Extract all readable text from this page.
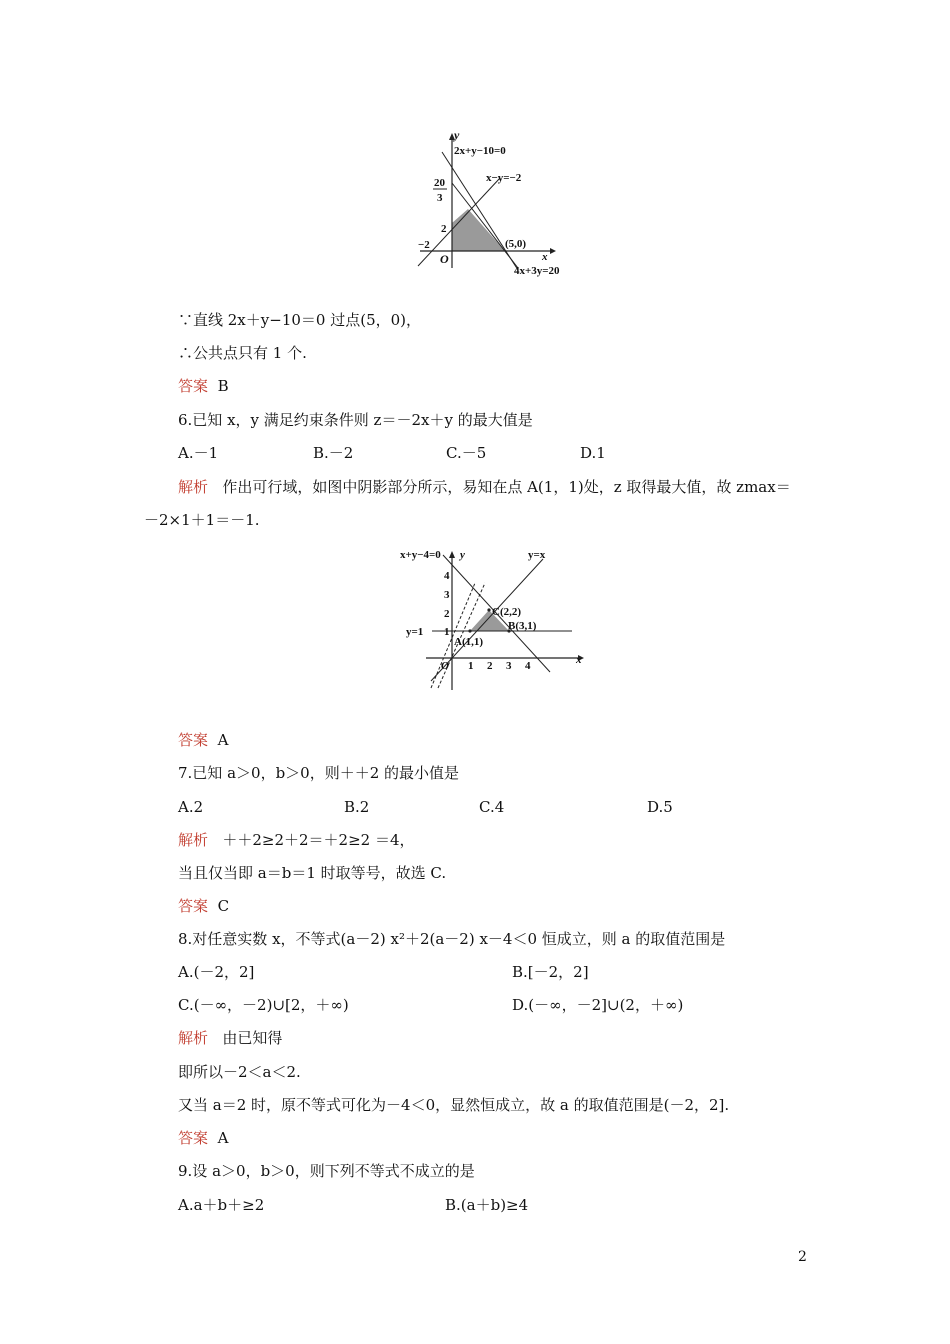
y
2x+y−10=0
x−y=−2
20
3
2
−2
O
(5,0)
x
4x+3y=20
∵直线 2x＋y−10＝0 过点(5，0)，
∴公共点只有 1 个.
答案 B
6.已知 x，y 满足约束条件则 z＝－2x＋y 的最大值是
A.－1	B.－2	C.－5	D.1
解析 作出可行域，如图中阴影部分所示，易知在点 A(1，1)处，z 取得最大值，故 zmax＝
－2×1＋1＝－1.
x+y−4=0 y	y=x
4
3
2
1
y=1
C(2,2)
B(3,1)
A(1,1)
O 1 2 3 4	x
答案 A
7.已知 a＞0，b＞0，则＋＋2 的最小值是
A.2	B.2	C.4	D.5
解析 ＋＋2≥2＋2＝＋2≥2 ＝4，
当且仅当即 a＝b＝1 时取等号，故选 C.
答案 C
8.对任意实数 x，不等式(a－2) x²＋2(a－2) x－4＜0 恒成立，则 a 的取值范围是
A.(－2，2]	B.[－2，2]
C.(－∞，－2)∪[2，＋∞)	D.(－∞，－2]∪(2，＋∞)
解析 由已知得
即所以－2＜a＜2.
又当 a＝2 时，原不等式可化为－4＜0，显然恒成立，故 a 的取值范围是(－2，2].
答案 A
9.设 a＞0，b＞0，则下列不等式不成立的是
A.a＋b＋≥2	B.(a＋b)≥4
2
